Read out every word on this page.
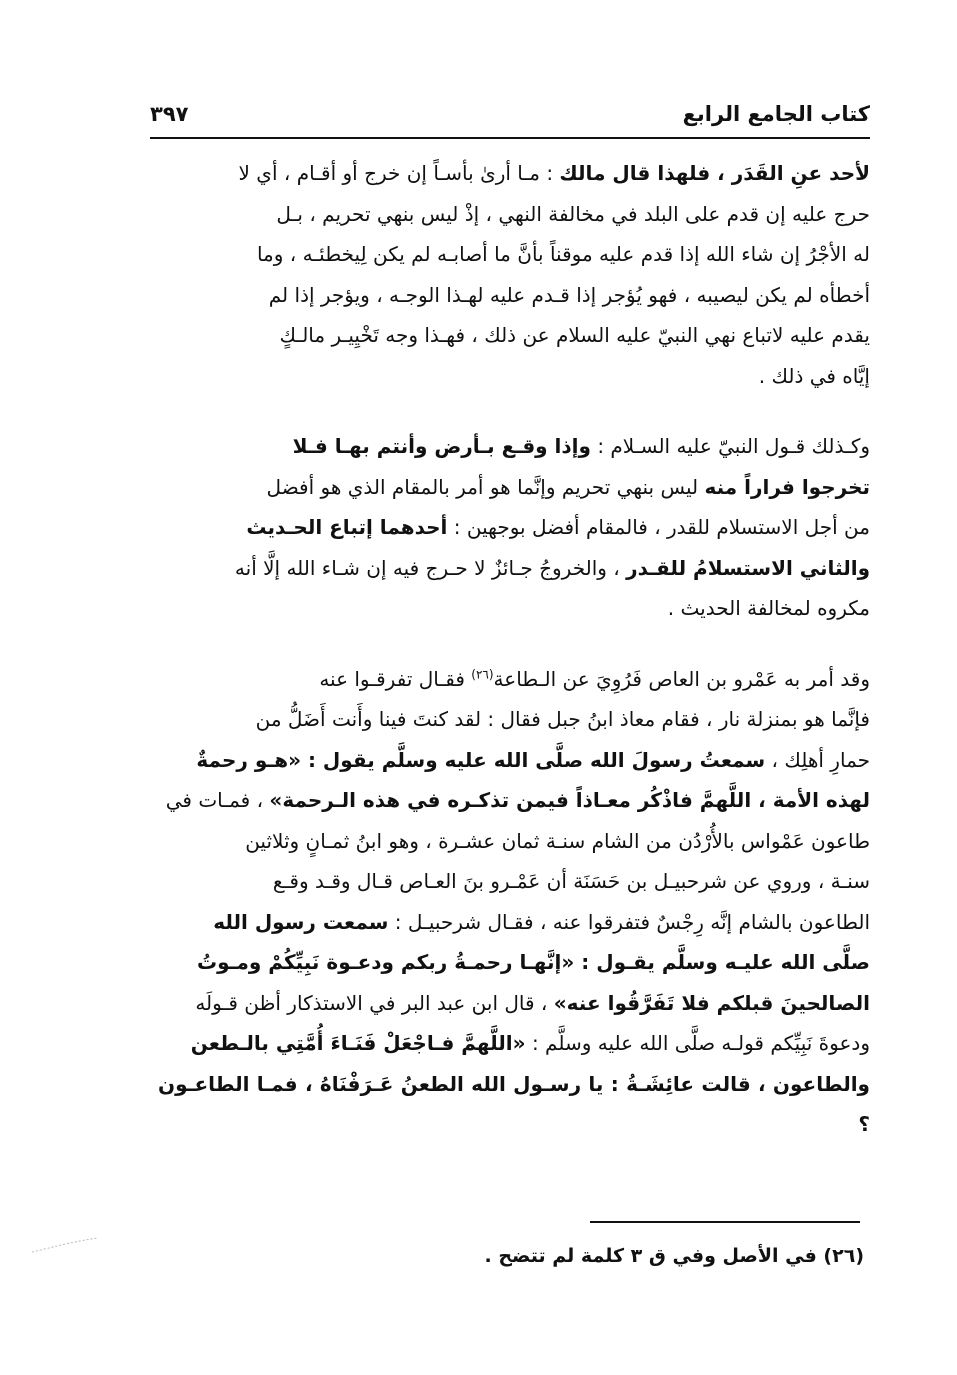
كتاب الجامع الرابع
٣٩٧

لأحد عنِ القَدَر ، فلهذا قال مالك : مـا أرىٰ بأسـاً إن خرج أو أقـام ، أي لا
حرج عليه إن قدم على البلد في مخالفة النهي ، إذْ ليس بنهي تحريم ، بـل
له الأجْرُ إن شاء الله إذا قدم عليه موقناً بأنَّ ما أصابـه لم يكن لِيخطئـه ، وما
أخطأه لم يكن ليصيبه ، فهو يُؤجر إذا قـدم عليه لهـذا الوجـه ، ويؤجر إذا لم
يقدم عليه لاتباع نهي النبيّ عليه السلام عن ذلك ، فهـذا وجه تَخْيِيـر مالـكٍ
إيَّاه في ذلك .

وكـذلك قـول النبيّ عليه السـلام : وإذا وقـع بـأرض وأنتم بهـا فـلا
تخرجوا فراراً منه ليس بنهي تحريم وإنَّما هو أمر بالمقام الذي هو أفضل
من أجل الاستسلام للقدر ، فالمقام أفضل بوجهين : أحدهما إتباع الحـديث
والثاني الاستسلامُ للقـدر ، والخروجُ جـائزٌ لا حـرج فيه إن شـاء الله إلَّا أنه
مكروه لمخالفة الحديث .

وقد أمر به عَمْرو بن العاص فَرُوِيَ عن الـطاعة$^{(٢٦)}$ فقـال تفرقـوا عنه
فإنَّما هو بمنزلة نار ، فقام معاذ ابنُ جبل فقال : لقد كنتَ فينا وأَنت أَضَلُّ من
حمارِ أهلِك ، سمعتُ رسولَ الله صلَّى الله عليه وسلَّم يقول : «هـو رحمةٌ
لهذه الأمة ، اللَّهمَّ فاذْكُر معـاذاً فيمن تذكـره في هذه الـرحمة» ، فمـات في
طاعون عَمْواس بالأُرْدُن من الشام سنـة ثمان عشـرة ، وهو ابنُ ثمـانٍ وثلاثين
سنـة ، وروي عن شرحبيـل بن حَسَنَة أن عَمْـرو بنَ العـاص قـال وقـد وقـع
الطاعون بالشام إنَّه رِجْسٌ فتفرقوا عنه ، فقـال شرحبيـل : سمعت رسول الله
صلَّى الله عليـه وسلَّم يقـول : «إنَّهـا رحمـةُ ربكم ودعـوة نَبِيِّكُمْ ومـوتُ
الصالحينَ قبلكم فلا تَفَرَّقُوا عنه» ، قال ابن عبد البر في الاستذكار أظن قـولَه
ودعوةَ نَبِيِّكم قولـه صلَّى الله عليه وسلَّم : «اللَّهمَّ فـاجْعَلْ فَنَـاءَ أُمَّتِي بالـطعن
والطاعون ، قالت عائِشَـةُ : يا رسـول الله الطعنُ عَـرَفْنَاهُ ، فمـا الطاعـون ؟

(٢٦) في الأصل وفي ق ٣ كلمة لم تتضح .
